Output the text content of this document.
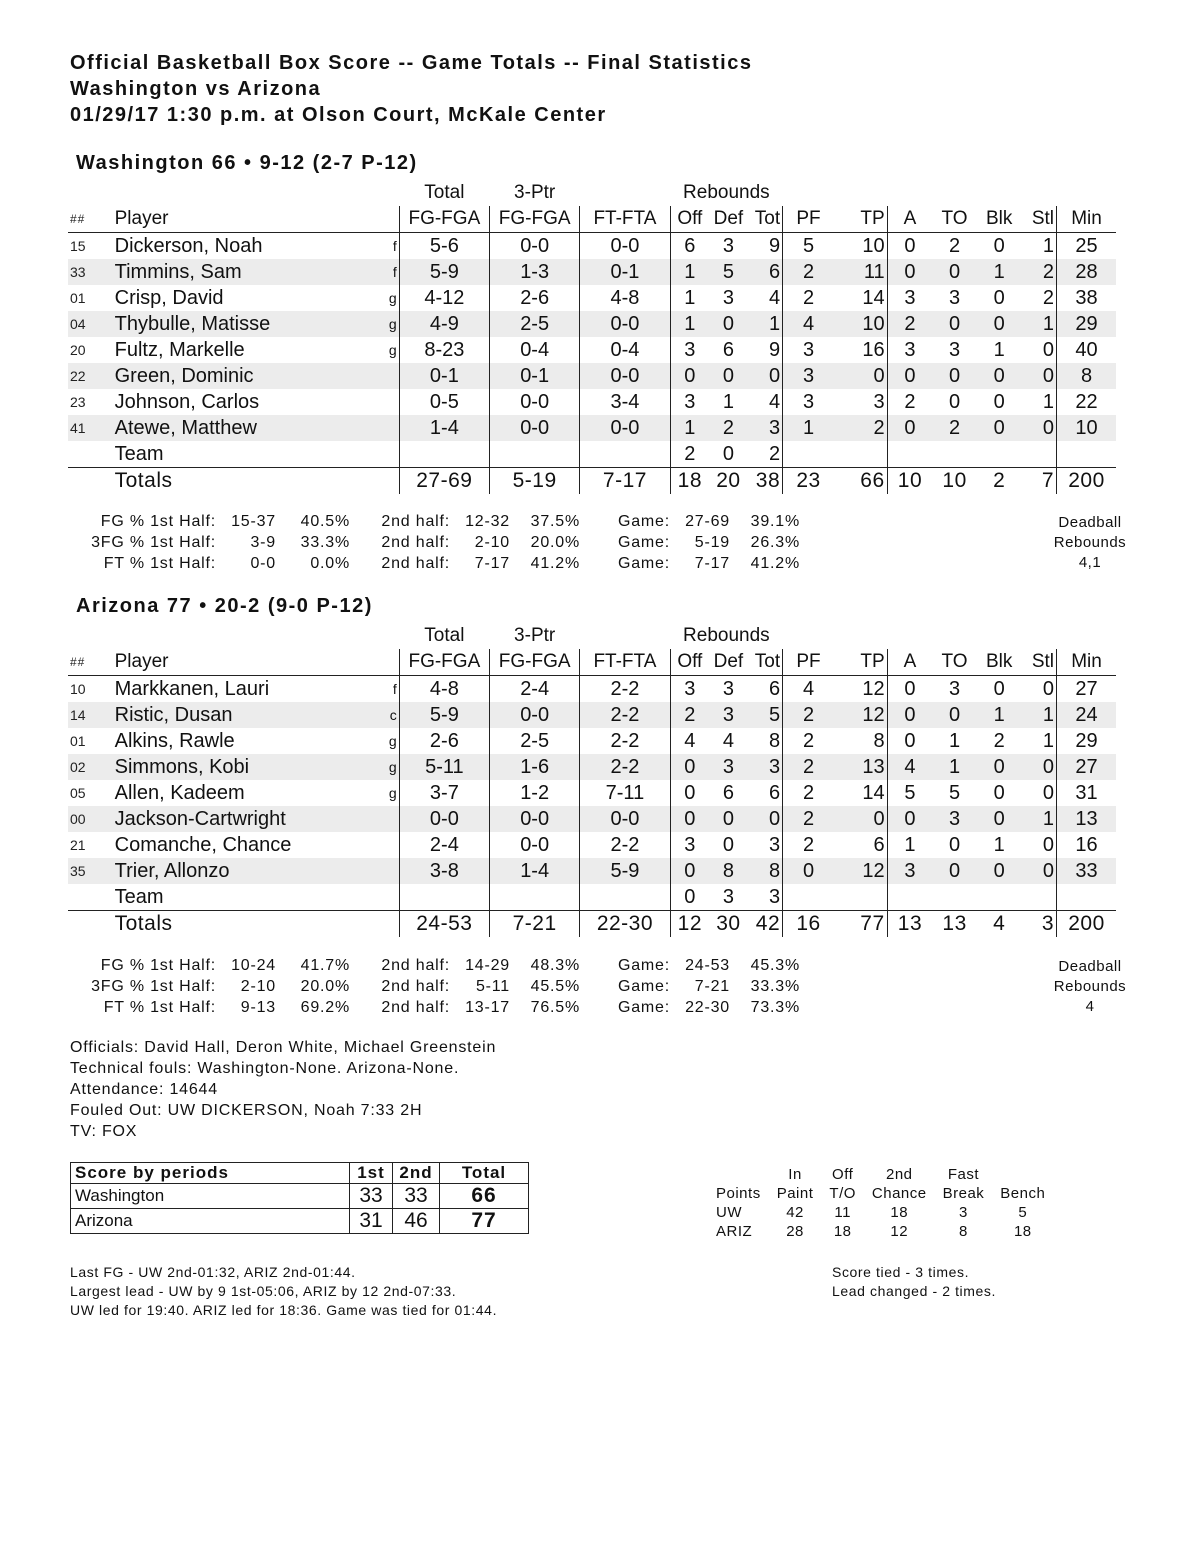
Official Basketball Box Score -- Game Totals -- Final Statistics
Washington vs Arizona
01/29/17 1:30 p.m. at Olson Court, McKale Center
Washington 66 • 9-12 (2-7 P-12)
			Total	3-Ptr		Rebounds									
##	Player		FG-FGA	FG-FGA	FT-FTA	Off	Def	Tot	PF	TP	A	TO	Blk	Stl	Min
15	Dickerson, Noah	f	5-6	0-0	0-0	6	3	9	5	10	0	2	0	1	25
33	Timmins, Sam	f	5-9	1-3	0-1	1	5	6	2	11	0	0	1	2	28
01	Crisp, David	g	4-12	2-6	4-8	1	3	4	2	14	3	3	0	2	38
04	Thybulle, Matisse	g	4-9	2-5	0-0	1	0	1	4	10	2	0	0	1	29
20	Fultz, Markelle	g	8-23	0-4	0-4	3	6	9	3	16	3	3	1	0	40
22	Green, Dominic		0-1	0-1	0-0	0	0	0	3	0	0	0	0	0	8
23	Johnson, Carlos		0-5	0-0	3-4	3	1	4	3	3	2	0	0	1	22
41	Atewe, Matthew		1-4	0-0	0-0	1	2	3	1	2	0	2	0	0	10
	Team					2	0	2							
	Totals		27-69	5-19	7-17	18	20	38	23	66	10	10	2	7	200
FG % 1st Half:	15-37	40.5%	2nd half:	12-32	37.5%	Game:	27-69	39.1%
3FG % 1st Half:	3-9	33.3%	2nd half:	2-10	20.0%	Game:	5-19	26.3%
FT % 1st Half:	0-0	0.0%	2nd half:	7-17	41.2%	Game:	7-17	41.2%
Deadball
Rebounds
4,1
Arizona 77 • 20-2 (9-0 P-12)
			Total	3-Ptr		Rebounds									
##	Player		FG-FGA	FG-FGA	FT-FTA	Off	Def	Tot	PF	TP	A	TO	Blk	Stl	Min
10	Markkanen, Lauri	f	4-8	2-4	2-2	3	3	6	4	12	0	3	0	0	27
14	Ristic, Dusan	c	5-9	0-0	2-2	2	3	5	2	12	0	0	1	1	24
01	Alkins, Rawle	g	2-6	2-5	2-2	4	4	8	2	8	0	1	2	1	29
02	Simmons, Kobi	g	5-11	1-6	2-2	0	3	3	2	13	4	1	0	0	27
05	Allen, Kadeem	g	3-7	1-2	7-11	0	6	6	2	14	5	5	0	0	31
00	Jackson-Cartwright		0-0	0-0	0-0	0	0	0	2	0	0	3	0	1	13
21	Comanche, Chance		2-4	0-0	2-2	3	0	3	2	6	1	0	1	0	16
35	Trier, Allonzo		3-8	1-4	5-9	0	8	8	0	12	3	0	0	0	33
	Team					0	3	3							
	Totals		24-53	7-21	22-30	12	30	42	16	77	13	13	4	3	200
FG % 1st Half:	10-24	41.7%	2nd half:	14-29	48.3%	Game:	24-53	45.3%
3FG % 1st Half:	2-10	20.0%	2nd half:	5-11	45.5%	Game:	7-21	33.3%
FT % 1st Half:	9-13	69.2%	2nd half:	13-17	76.5%	Game:	22-30	73.3%
Deadball
Rebounds
4
Officials: David Hall, Deron White, Michael Greenstein
Technical fouls: Washington-None. Arizona-None.
Attendance: 14644
Fouled Out: UW DICKERSON, Noah 7:33 2H
TV: FOX
Score by periods	1st	2nd	Total
Washington	33	33	66
Arizona	31	46	77
	In	Off	2nd	Fast	
Points	Paint	T/O	Chance	Break	Bench
UW	42	11	18	3	5
ARIZ	28	18	12	8	18
Last FG - UW 2nd-01:32, ARIZ 2nd-01:44.
Largest lead - UW by 9 1st-05:06, ARIZ by 12 2nd-07:33.
UW led for 19:40. ARIZ led for 18:36. Game was tied for 01:44.
Score tied - 3 times.
Lead changed - 2 times.
